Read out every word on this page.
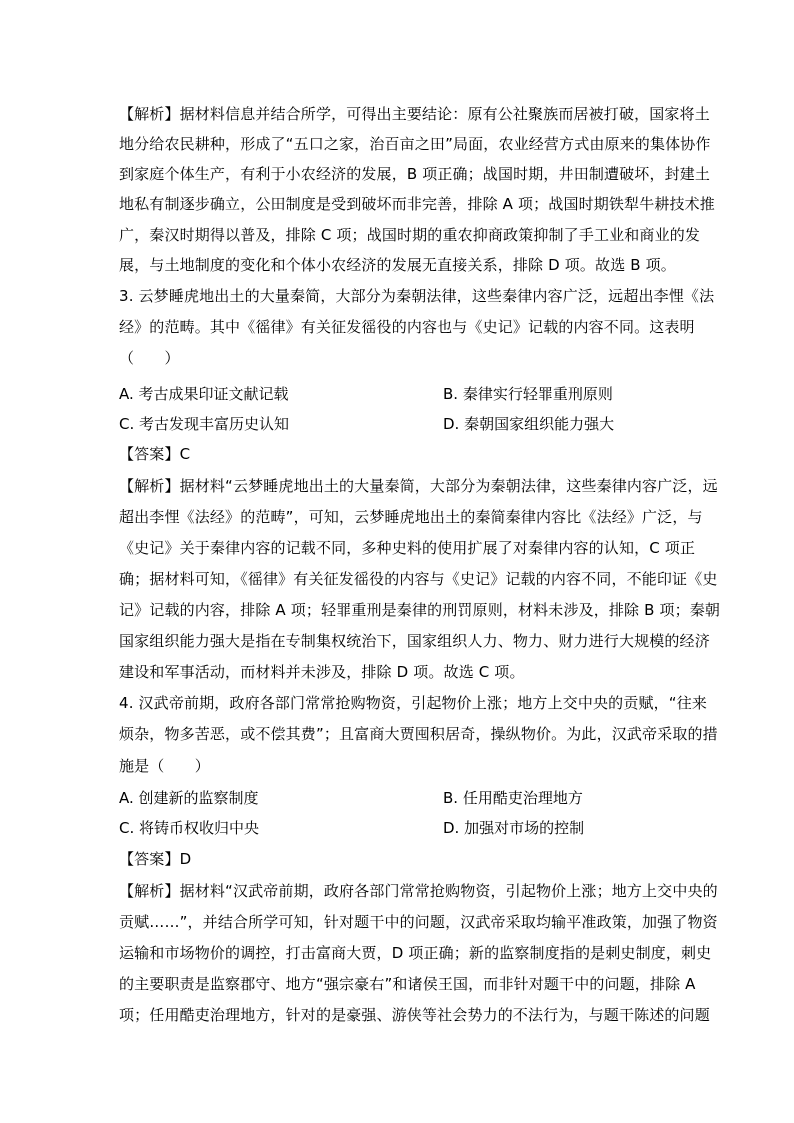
【解析】据材料信息并结合所学，可得出主要结论：原有公社聚族而居被打破，国家将土
地分给农民耕种，形成了“五口之家，治百亩之田”局面，农业经营方式由原来的集体协作
到家庭个体生产，有利于小农经济的发展，B 项正确；战国时期，井田制遭破坏，封建土
地私有制逐步确立，公田制度是受到破坏而非完善，排除 A 项；战国时期铁犁牛耕技术推
广，秦汉时期得以普及，排除 C 项；战国时期的重农抑商政策抑制了手工业和商业的发
展，与土地制度的变化和个体小农经济的发展无直接关系，排除 D 项。故选 B 项。
3. 云梦睡虎地出土的大量秦简，大部分为秦朝法律，这些秦律内容广泛，远超出李悝《法
经》的范畴。其中《徭律》有关征发徭役的内容也与《史记》记载的内容不同。这表明
（　　）
A. 考古成果印证文献记载	B. 秦律实行轻罪重刑原则
C. 考古发现丰富历史认知	D. 秦朝国家组织能力强大
【答案】C
【解析】据材料“云梦睡虎地出土的大量秦简，大部分为秦朝法律，这些秦律内容广泛，远
超出李悝《法经》的范畴”，可知，云梦睡虎地出土的秦简秦律内容比《法经》广泛，与
《史记》关于秦律内容的记载不同，多种史料的使用扩展了对秦律内容的认知，C 项正
确；据材料可知，《徭律》有关征发徭役的内容与《史记》记载的内容不同，不能印证《史
记》记载的内容，排除 A 项；轻罪重刑是秦律的刑罚原则，材料未涉及，排除 B 项；秦朝
国家组织能力强大是指在专制集权统治下，国家组织人力、物力、财力进行大规模的经济
建设和军事活动，而材料并未涉及，排除 D 项。故选 C 项。
4. 汉武帝前期，政府各部门常常抢购物资，引起物价上涨；地方上交中央的贡赋，“往来
烦杂，物多苦恶，或不偿其费”；且富商大贾囤积居奇，操纵物价。为此，汉武帝采取的措
施是（　　）
A. 创建新的监察制度	B. 任用酷吏治理地方
C. 将铸币权收归中央	D. 加强对市场的控制
【答案】D
【解析】据材料“汉武帝前期，政府各部门常常抢购物资，引起物价上涨；地方上交中央的
贡赋……”，并结合所学可知，针对题干中的问题，汉武帝采取均输平准政策，加强了物资
运输和市场物价的调控，打击富商大贾，D 项正确；新的监察制度指的是刺史制度，刺史
的主要职责是监察郡守、地方“强宗豪右”和诸侯王国，而非针对题干中的问题，排除 A
项；任用酷吏治理地方，针对的是豪强、游侠等社会势力的不法行为，与题干陈述的问题
